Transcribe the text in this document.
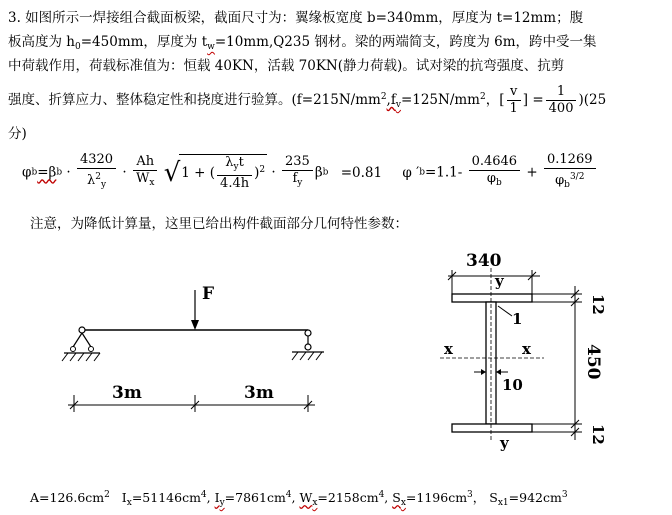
3. 如图所示一焊接组合截面板梁，截面尺寸为：翼缘板宽度 b=340mm，厚度为 t=12mm；腹
板高度为 $h_0=450mm$，厚度为 $t_w=10mm,Q235$ 钢材。梁的两端简支，跨度为 6m，跨中受一集
中荷载作用，荷载标准值为：恒载 40KN，活载 70KN(静力荷载)。试对梁的抗弯强度、抗剪
强度、折算应力、整体稳定性和挠度进行验算。($f=215N/mm^2,f_v=125N/mm^2$，[ $\frac{v}{1}$ ] = $\frac{1}{400} )(25$
分)
$\varphi b=\beta b \cdot \frac{4320}{\lambda^2_y} \cdot \frac{Ah}{W_x} √1$ + ( $\frac{\lambda_yt}{4.4h} )^2 \cdot \frac{235}{f_y}$ βb =0.81 φ $'b=1.1- \frac{0.4646}{\varphi_b} + \frac{0.1269}{\varphi_b^{3/2}}$
注意，为降低计算量，这里已给出构件截面部分几何特性参数：
F
3m	3m
340
y
y
x	x
1
10
12
450
12
$A=126.6cm^2$ $I_x=51146cm^4$, $I_y=7861cm^4$, $W_x=2158cm^4$, $S_x=1196cm^3$， $S_{x1}=942cm^3$
